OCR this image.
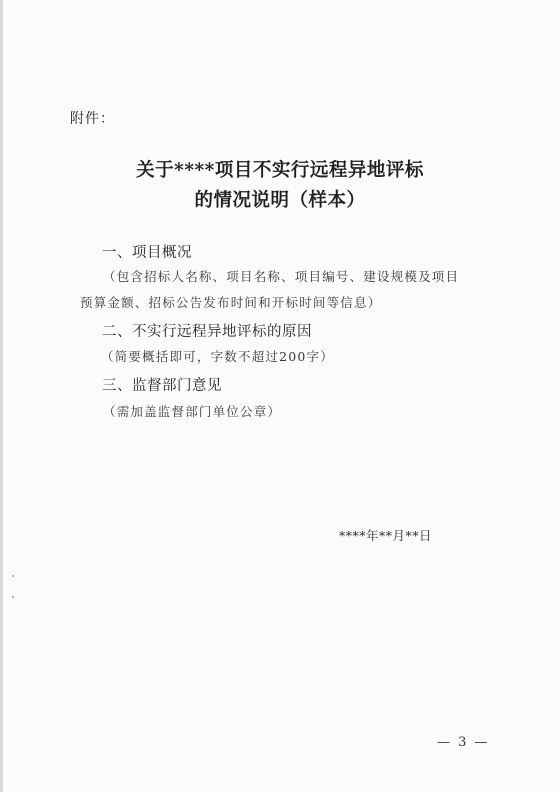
附件：
关于****项目不实行远程异地评标
的情况说明（样本）
一、项目概况
（包含招标人名称、项目名称、项目编号、建设规模及项目
预算金额、招标公告发布时间和开标时间等信息）
二、不实行远程异地评标的原因
（简要概括即可，字数不超过200字）
三、监督部门意见
（需加盖监督部门单位公章）
****年**月**日
— 3 —
